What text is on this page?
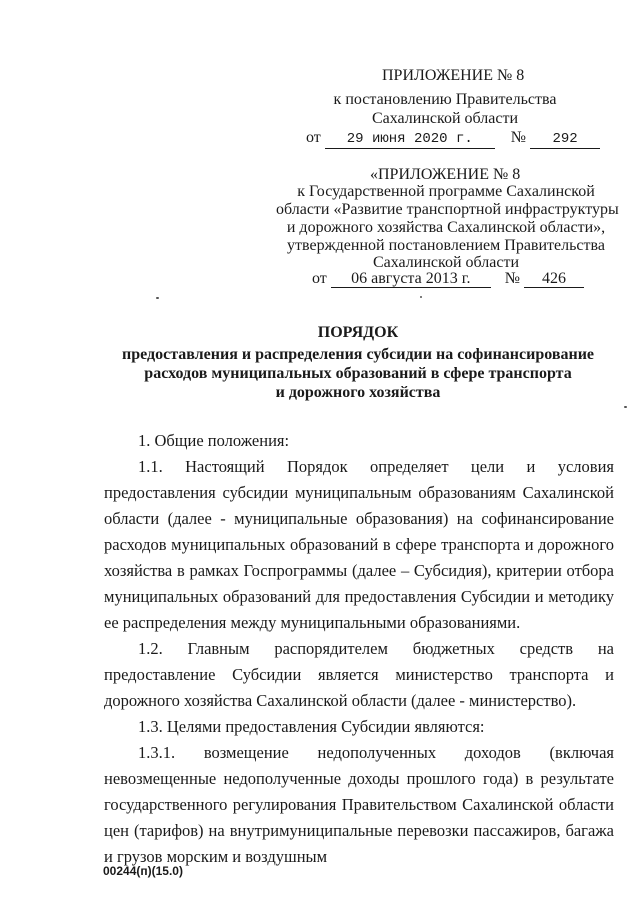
ПРИЛОЖЕНИЕ № 8
к постановлению Правительства
Сахалинской области
от 29 июня 2020 г. № 292
«ПРИЛОЖЕНИЕ № 8
к Государственной программе Сахалинской
области «Развитие транспортной инфраструктуры
и дорожного хозяйства Сахалинской области»,
утвержденной постановлением Правительства
Сахалинской области
от 06 августа 2013 г. № 426
ПОРЯДОК
предоставления и распределения субсидии на софинансирование
расходов муниципальных образований в сфере транспорта
и дорожного хозяйства
1. Общие положения:
1.1. Настоящий Порядок определяет цели и условия предоставления субсидии муниципальным образованиям Сахалинской области (далее - муниципальные образования) на софинансирование расходов муниципальных образований в сфере транспорта и дорожного хозяйства в рамках Госпрограммы (далее – Субсидия), критерии отбора муниципальных образований для предоставления Субсидии и методику ее распределения между муниципальными образованиями.
1.2. Главным распорядителем бюджетных средств на предоставление Субсидии является министерство транспорта и дорожного хозяйства Сахалинской области (далее - министерство).
1.3. Целями предоставления Субсидии являются:
1.3.1. возмещение недополученных доходов (включая невозмещенные недополученные доходы прошлого года) в результате государственного регулирования Правительством Сахалинской области цен (тарифов) на внутримуниципальные перевозки пассажиров, багажа и грузов морским и воздушным
00244(п)(15.0)
